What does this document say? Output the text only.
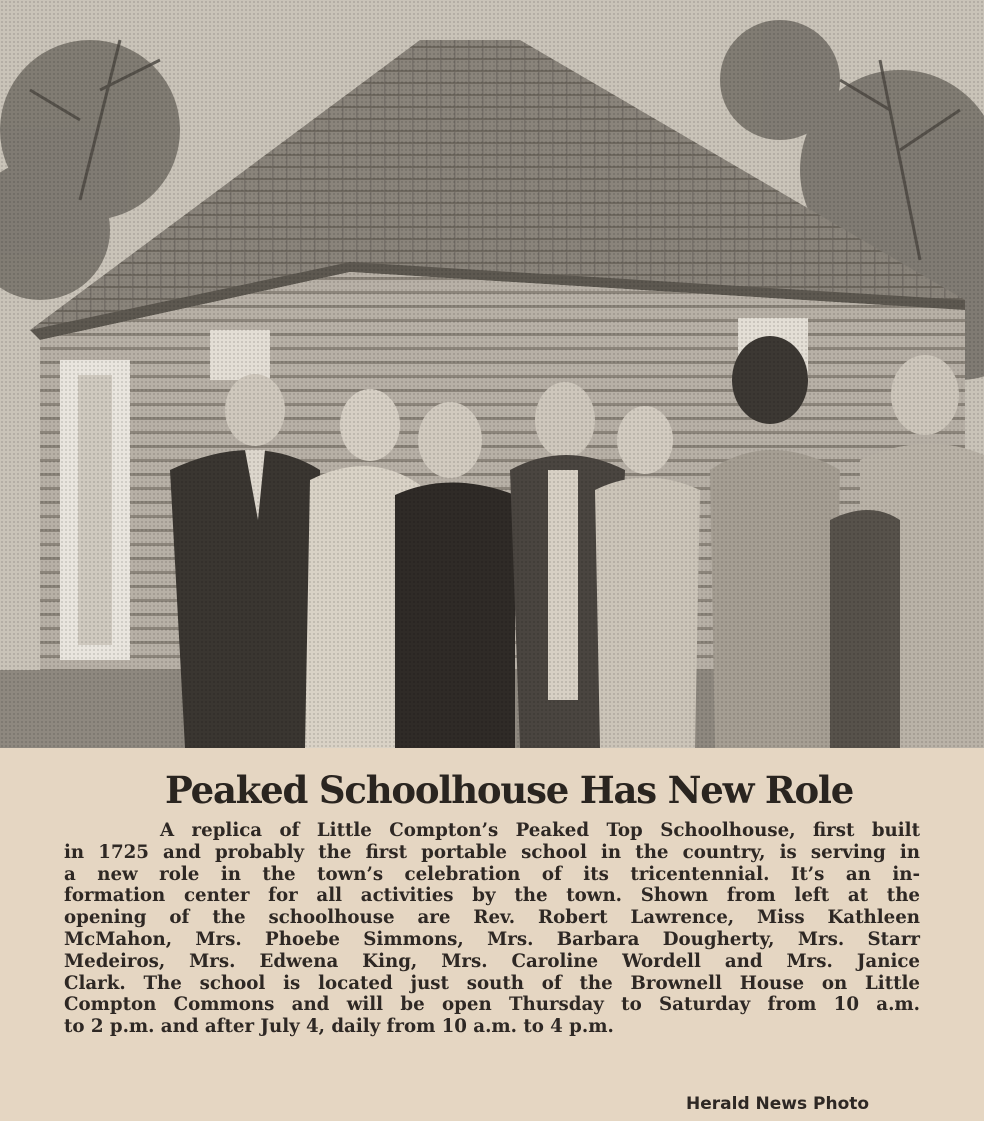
Peaked Schoolhouse Has New Role
A replica of Little Compton’s Peaked Top Schoolhouse, first built
in 1725 and probably the first portable school in the country, is serving in
a new role in the town’s celebration of its tricentennial. It’s an in-
formation center for all activities by the town. Shown from left at the
opening of the schoolhouse are Rev. Robert Lawrence, Miss Kathleen
McMahon, Mrs. Phoebe Simmons, Mrs. Barbara Dougherty, Mrs. Starr
Medeiros, Mrs. Edwena King, Mrs. Caroline Wordell and Mrs. Janice
Clark. The school is located just south of the Brownell House on Little
Compton Commons and will be open Thursday to Saturday from 10 a.m.
to 2 p.m. and after July 4, daily from 10 a.m. to 4 p.m.
Herald News Photo
